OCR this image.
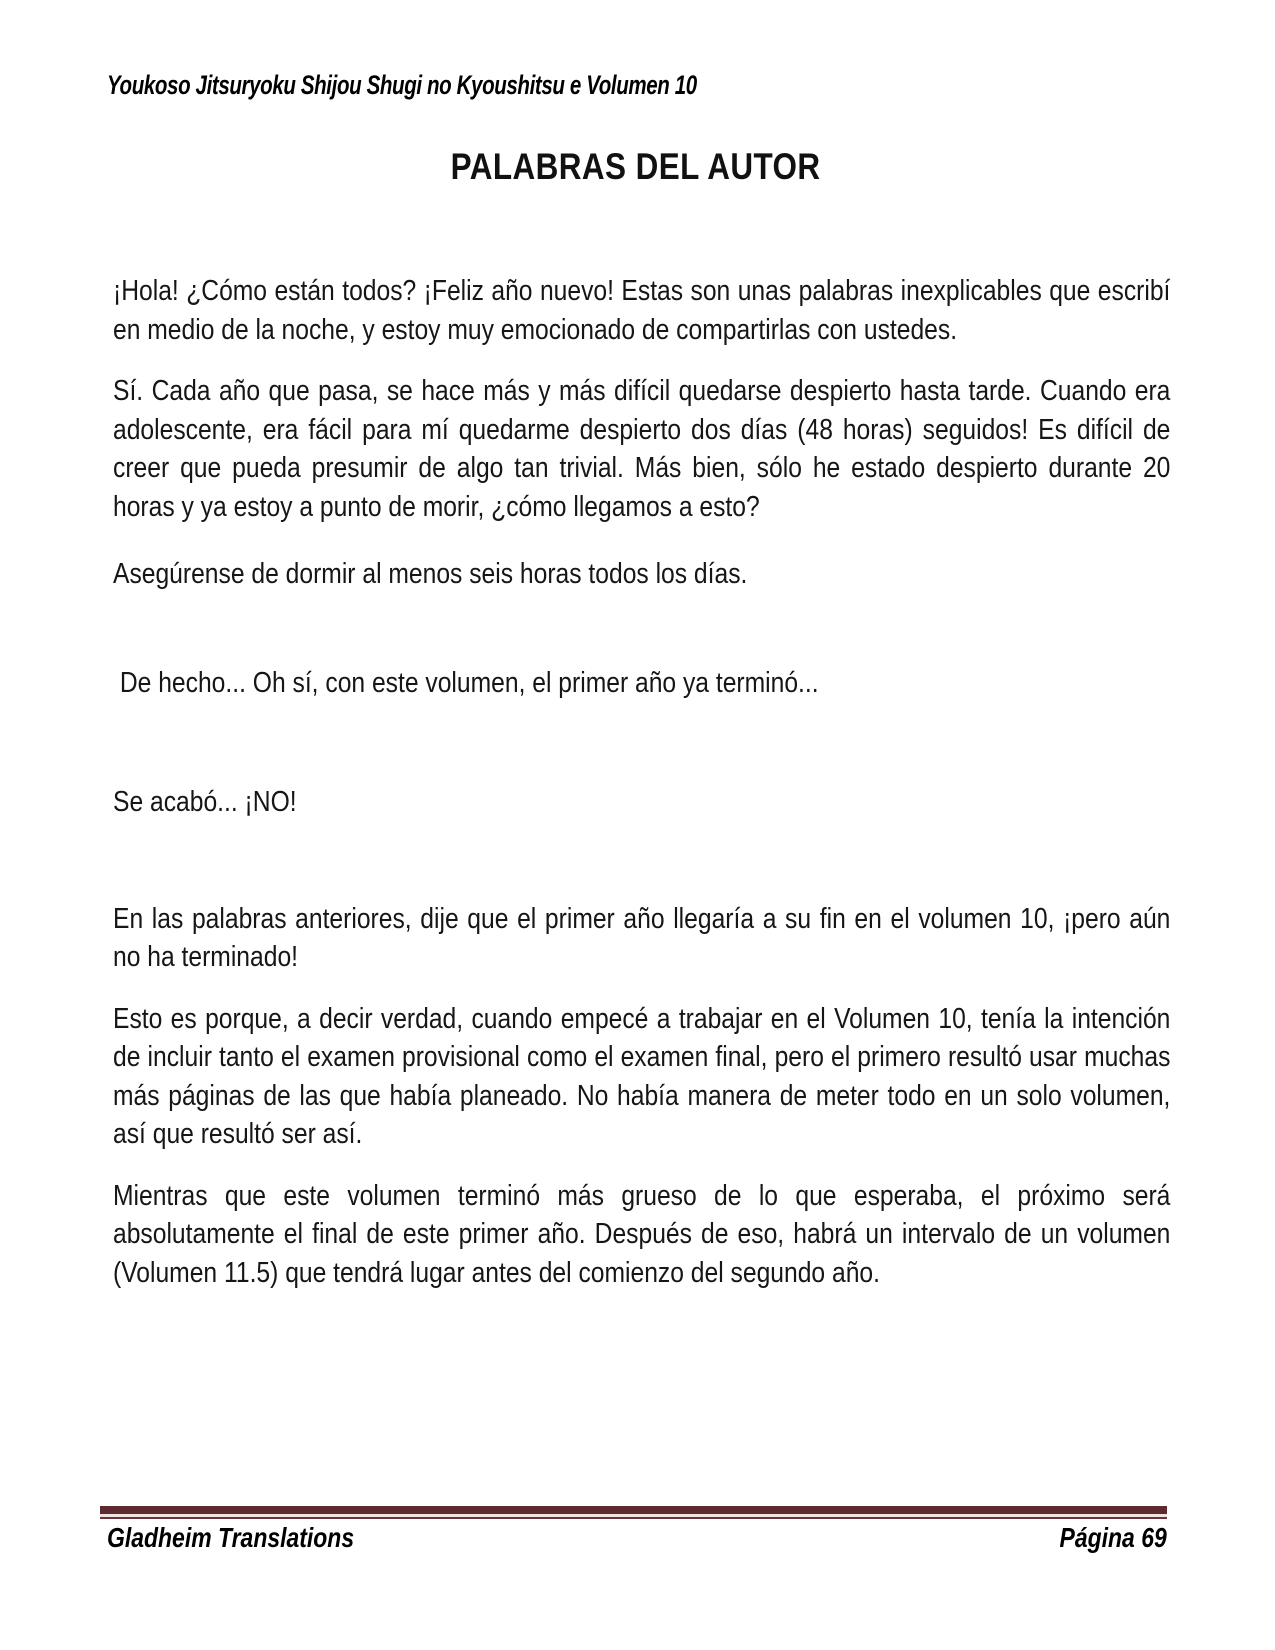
Youkoso Jitsuryoku Shijou Shugi no Kyoushitsu e Volumen 10
PALABRAS DEL AUTOR

¡Hola! ¿Cómo están todos? ¡Feliz año nuevo! Estas son unas palabras inexplicables que escribí en medio de la noche, y estoy muy emocionado de compartirlas con ustedes.

Sí. Cada año que pasa, se hace más y más difícil quedarse despierto hasta tarde. Cuando era adolescente, era fácil para mí quedarme despierto dos días (48 horas) seguidos! Es difícil de creer que pueda presumir de algo tan trivial. Más bien, sólo he estado despierto durante 20 horas y ya estoy a punto de morir, ¿cómo llegamos a esto?

Asegúrense de dormir al menos seis horas todos los días.

De hecho... Oh sí, con este volumen, el primer año ya terminó...

Se acabó... ¡NO!

En las palabras anteriores, dije que el primer año llegaría a su fin en el volumen 10, ¡pero aún no ha terminado!

Esto es porque, a decir verdad, cuando empecé a trabajar en el Volumen 10, tenía la intención de incluir tanto el examen provisional como el examen final, pero el primero resultó usar muchas más páginas de las que había planeado. No había manera de meter todo en un solo volumen, así que resultó ser así.

Mientras que este volumen terminó más grueso de lo que esperaba, el próximo será absolutamente el final de este primer año. Después de eso, habrá un intervalo de un volumen (Volumen 11.5) que tendrá lugar antes del comienzo del segundo año.

Gladheim Translations	Página 69
